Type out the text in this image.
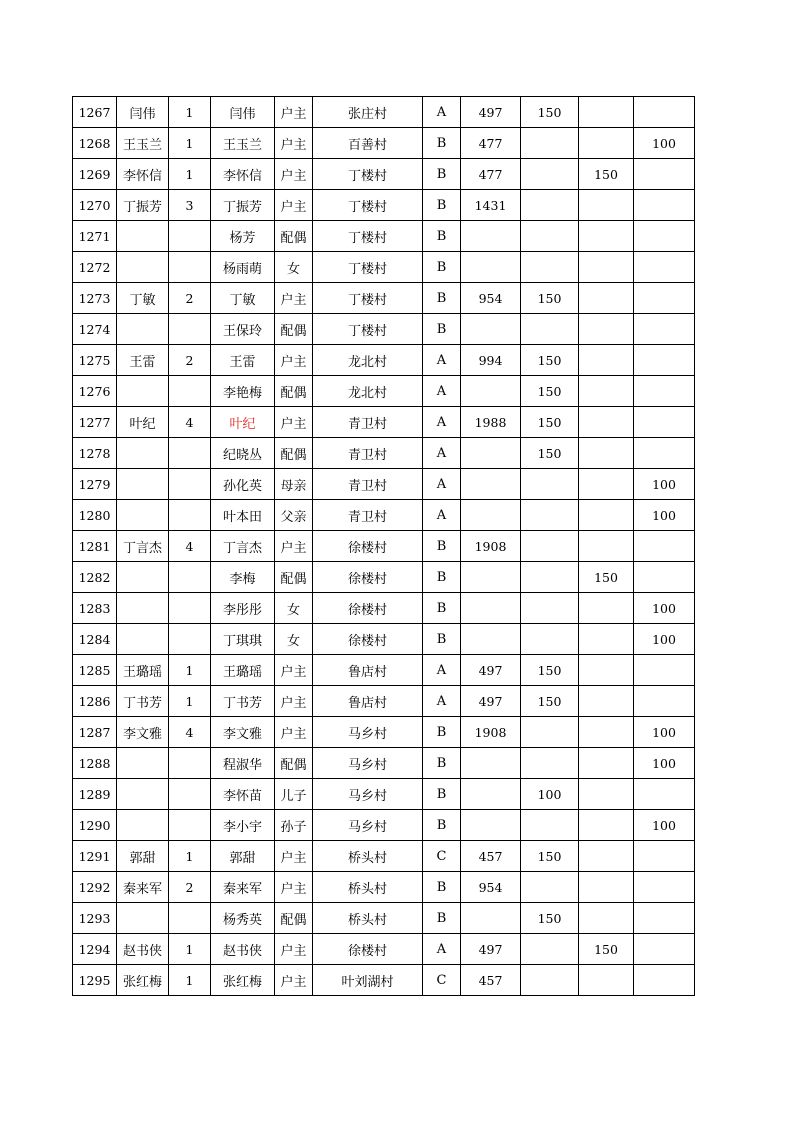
1267	闫伟	1	闫伟	户主	张庄村	A	497	150		
1268	王玉兰	1	王玉兰	户主	百善村	B	477			100
1269	李怀信	1	李怀信	户主	丁楼村	B	477		150	
1270	丁振芳	3	丁振芳	户主	丁楼村	B	1431			
1271			杨芳	配偶	丁楼村	B				
1272			杨雨萌	女	丁楼村	B				
1273	丁敏	2	丁敏	户主	丁楼村	B	954	150		
1274			王保玲	配偶	丁楼村	B				
1275	王雷	2	王雷	户主	龙北村	A	994	150		
1276			李艳梅	配偶	龙北村	A		150		
1277	叶纪	4	叶纪	户主	青卫村	A	1988	150		
1278			纪晓丛	配偶	青卫村	A		150		
1279			孙化英	母亲	青卫村	A				100
1280			叶本田	父亲	青卫村	A				100
1281	丁言杰	4	丁言杰	户主	徐楼村	B	1908			
1282			李梅	配偶	徐楼村	B			150	
1283			李彤彤	女	徐楼村	B				100
1284			丁琪琪	女	徐楼村	B				100
1285	王璐瑶	1	王璐瑶	户主	鲁店村	A	497	150		
1286	丁书芳	1	丁书芳	户主	鲁店村	A	497	150		
1287	李文雅	4	李文雅	户主	马乡村	B	1908			100
1288			程淑华	配偶	马乡村	B				100
1289			李怀苗	儿子	马乡村	B		100		
1290			李小宇	孙子	马乡村	B				100
1291	郭甜	1	郭甜	户主	桥头村	C	457	150		
1292	秦来军	2	秦来军	户主	桥头村	B	954			
1293			杨秀英	配偶	桥头村	B		150		
1294	赵书侠	1	赵书侠	户主	徐楼村	A	497		150	
1295	张红梅	1	张红梅	户主	叶刘湖村	C	457			
